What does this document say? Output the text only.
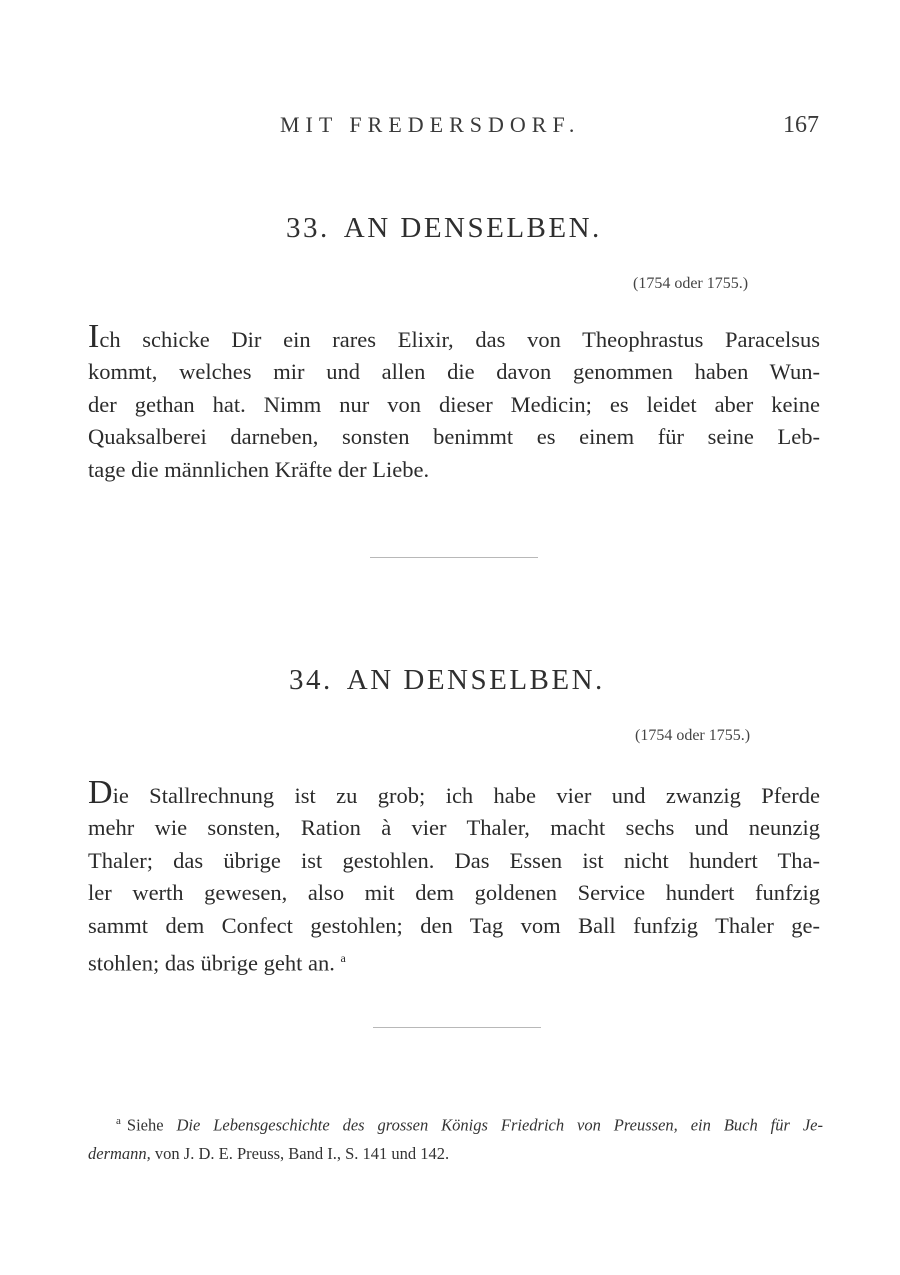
MIT FREDERSDORF.	167
33. AN DENSELBEN.
(1754 oder 1755.)
Ich schicke Dir ein rares Elixir, das von Theophrastus Paracelsus
kommt, welches mir und allen die davon genommen haben Wun-
der gethan hat. Nimm nur von dieser Medicin; es leidet aber keine
Quaksalberei darneben, sonsten benimmt es einem für seine Leb-
tage die männlichen Kräfte der Liebe.
34. AN DENSELBEN.
(1754 oder 1755.)
Die Stallrechnung ist zu grob; ich habe vier und zwanzig Pferde
mehr wie sonsten, Ration à vier Thaler, macht sechs und neunzig
Thaler; das übrige ist gestohlen. Das Essen ist nicht hundert Tha-
ler werth gewesen, also mit dem goldenen Service hundert funfzig
sammt dem Confect gestohlen; den Tag vom Ball funfzig Thaler ge-
stohlen; das übrige geht an. $^a$
$^a$ Siehe Die Lebensgeschichte des grossen Königs Friedrich von Preussen, ein Buch für Je-
dermann, von J. D. E. Preuss, Band I., S. 141 und 142.
